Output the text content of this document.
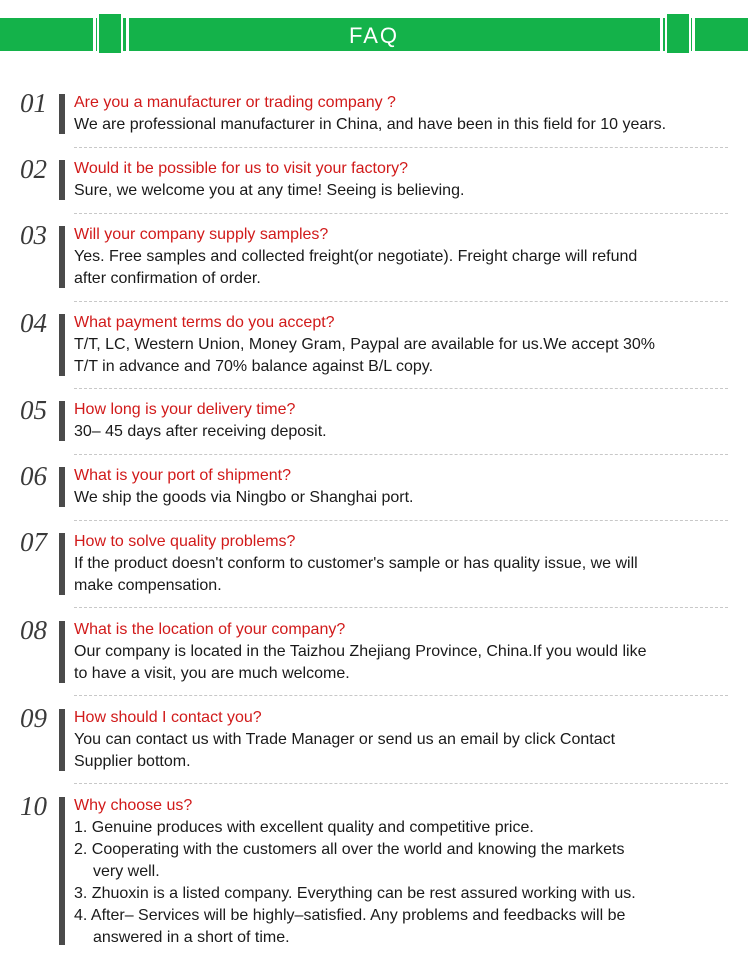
FAQ
01	Are you a manufacturer or trading company ?
We are professional manufacturer in China, and have been in this field for 10 years.
02	Would it be possible for us to visit your factory?
Sure, we welcome you at any time! Seeing is believing.
03	Will your company supply samples?
Yes. Free samples and collected freight(or negotiate). Freight charge will refund
after confirmation of order.
04	What payment terms do you accept?
T/T, LC, Western Union, Money Gram, Paypal are available for us.We accept 30%
T/T in advance and 70% balance against B/L copy.
05	How long is your delivery time?
30– 45 days after receiving deposit.
06	What is your port of shipment?
We ship the goods via Ningbo or Shanghai port.
07	How to solve quality problems?
If the product doesn't conform to customer's sample or has quality issue, we will
make compensation.
08	What is the location of your company?
Our company is located in the Taizhou Zhejiang Province, China.If you would like
to have a visit, you are much welcome.
09	How should I contact you?
You can contact us with Trade Manager or send us an email by click Contact
Supplier bottom.
10	Why choose us?
1. Genuine produces with excellent quality and competitive price.
2. Cooperating with the customers all over the world and knowing the markets
very well.
3. Zhuoxin is a listed company. Everything can be rest assured working with us.
4. After– Services will be highly–satisfied. Any problems and feedbacks will be
answered in a short of time.
